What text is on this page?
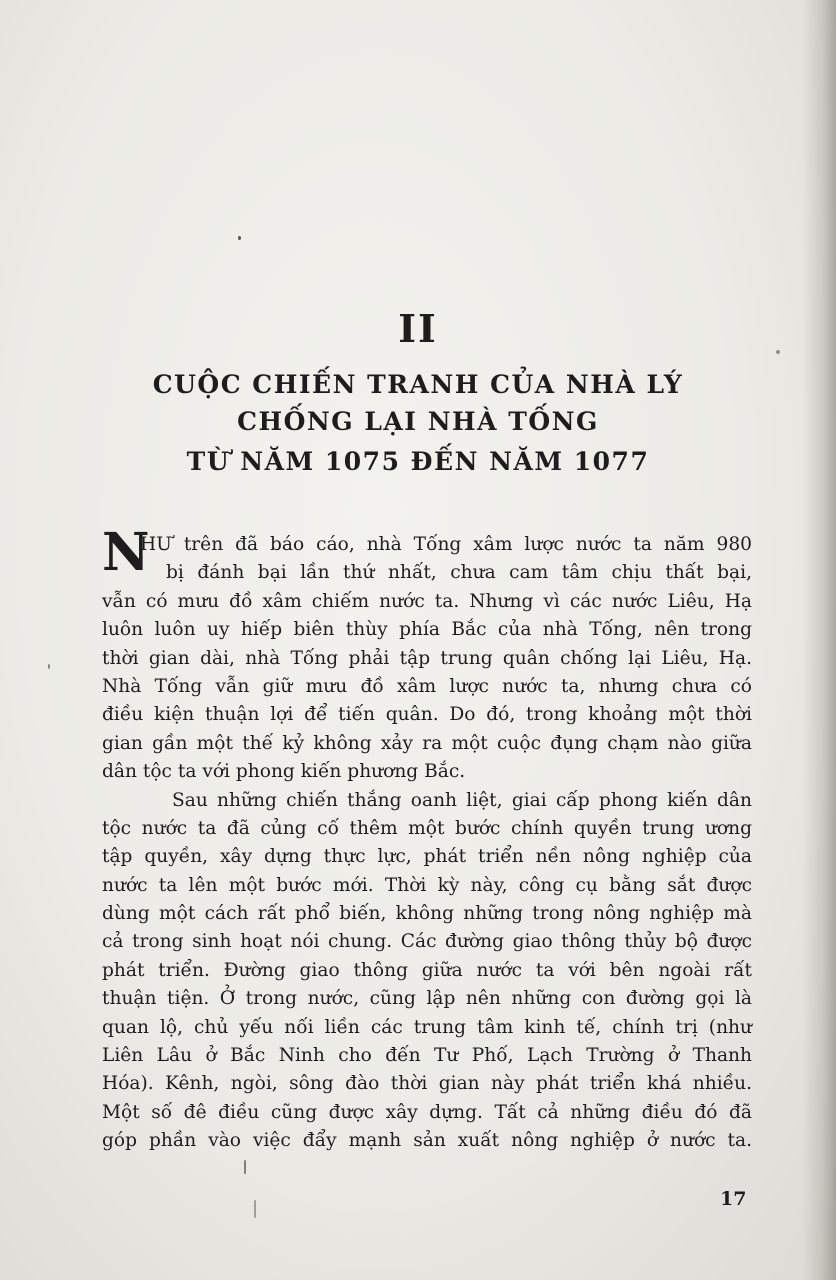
II
CUỘC CHIẾN TRANH CỦA NHÀ LÝ
CHỐNG LẠI NHÀ TỐNG
TỪ NĂM 1075 ĐẾN NĂM 1077
N
HƯ trên đã báo cáo, nhà Tống xâm lược nước ta năm 980
bị đánh bại lần thứ nhất, chưa cam tâm chịu thất bại,
vẫn có mưu đồ xâm chiếm nước ta. Nhưng vì các nước Liêu, Hạ
luôn luôn uy hiếp biên thùy phía Bắc của nhà Tống, nên trong
thời gian dài, nhà Tống phải tập trung quân chống lại Liêu, Hạ.
Nhà Tống vẫn giữ mưu đồ xâm lược nước ta, nhưng chưa có
điều kiện thuận lợi để tiến quân. Do đó, trong khoảng một thời
gian gần một thế kỷ không xảy ra một cuộc đụng chạm nào giữa
dân tộc ta với phong kiến phương Bắc.
Sau những chiến thắng oanh liệt, giai cấp phong kiến dân
tộc nước ta đã củng cố thêm một bước chính quyền trung ương
tập quyền, xây dựng thực lực, phát triển nền nông nghiệp của
nước ta lên một bước mới. Thời kỳ này, công cụ bằng sắt được
dùng một cách rất phổ biến, không những trong nông nghiệp mà
cả trong sinh hoạt nói chung. Các đường giao thông thủy bộ được
phát triển. Đường giao thông giữa nước ta với bên ngoài rất
thuận tiện. Ở trong nước, cũng lập nên những con đường gọi là
quan lộ, chủ yếu nối liền các trung tâm kinh tế, chính trị (như
Liên Lâu ở Bắc Ninh cho đến Tư Phố, Lạch Trường ở Thanh
Hóa). Kênh, ngòi, sông đào thời gian này phát triển khá nhiều.
Một số đê điều cũng được xây dựng. Tất cả những điều đó đã
góp phần vào việc đẩy mạnh sản xuất nông nghiệp ở nước ta.
17
